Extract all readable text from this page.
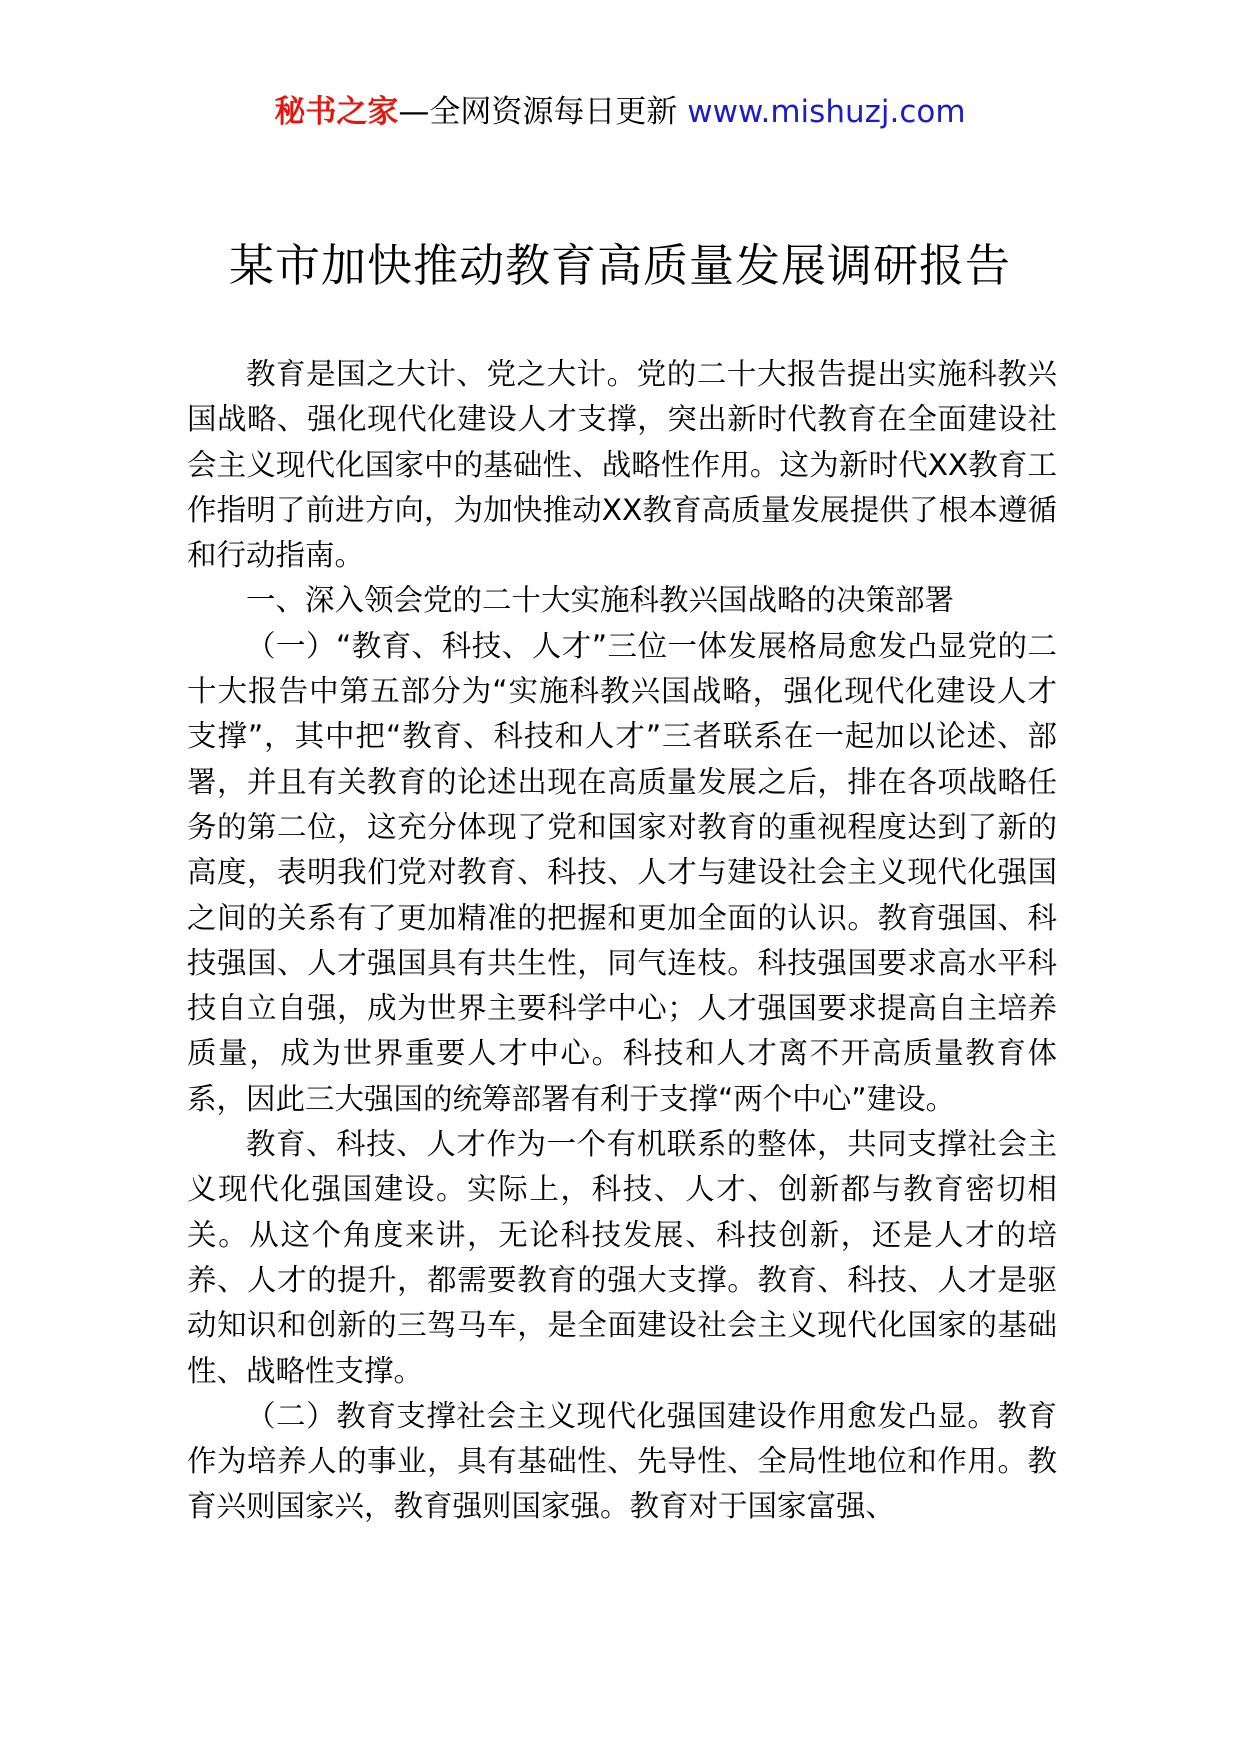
秘书之家—全网资源每日更新 www.mishuzj.com
某市加快推动教育高质量发展调研报告

教育是国之大计、党之大计。党的二十大报告提出实施科教兴国战略、强化现代化建设人才支撑，突出新时代教育在全面建设社会主义现代化国家中的基础性、战略性作用。这为新时代XX教育工作指明了前进方向，为加快推动XX教育高质量发展提供了根本遵循和行动指南。

一、深入领会党的二十大实施科教兴国战略的决策部署

（一）“教育、科技、人才”三位一体发展格局愈发凸显党的二十大报告中第五部分为“实施科教兴国战略，强化现代化建设人才支撑”，其中把“教育、科技和人才”三者联系在一起加以论述、部署，并且有关教育的论述出现在高质量发展之后，排在各项战略任务的第二位，这充分体现了党和国家对教育的重视程度达到了新的高度，表明我们党对教育、科技、人才与建设社会主义现代化强国之间的关系有了更加精准的把握和更加全面的认识。教育强国、科技强国、人才强国具有共生性，同气连枝。科技强国要求高水平科技自立自强，成为世界主要科学中心；人才强国要求提高自主培养质量，成为世界重要人才中心。科技和人才离不开高质量教育体系，因此三大强国的统筹部署有利于支撑“两个中心”建设。

教育、科技、人才作为一个有机联系的整体，共同支撑社会主义现代化强国建设。实际上，科技、人才、创新都与教育密切相关。从这个角度来讲，无论科技发展、科技创新，还是人才的培养、人才的提升，都需要教育的强大支撑。教育、科技、人才是驱动知识和创新的三驾马车，是全面建设社会主义现代化国家的基础性、战略性支撑。

（二）教育支撑社会主义现代化强国建设作用愈发凸显。教育作为培养人的事业，具有基础性、先导性、全局性地位和作用。教育兴则国家兴，教育强则国家强。教育对于国家富强、
